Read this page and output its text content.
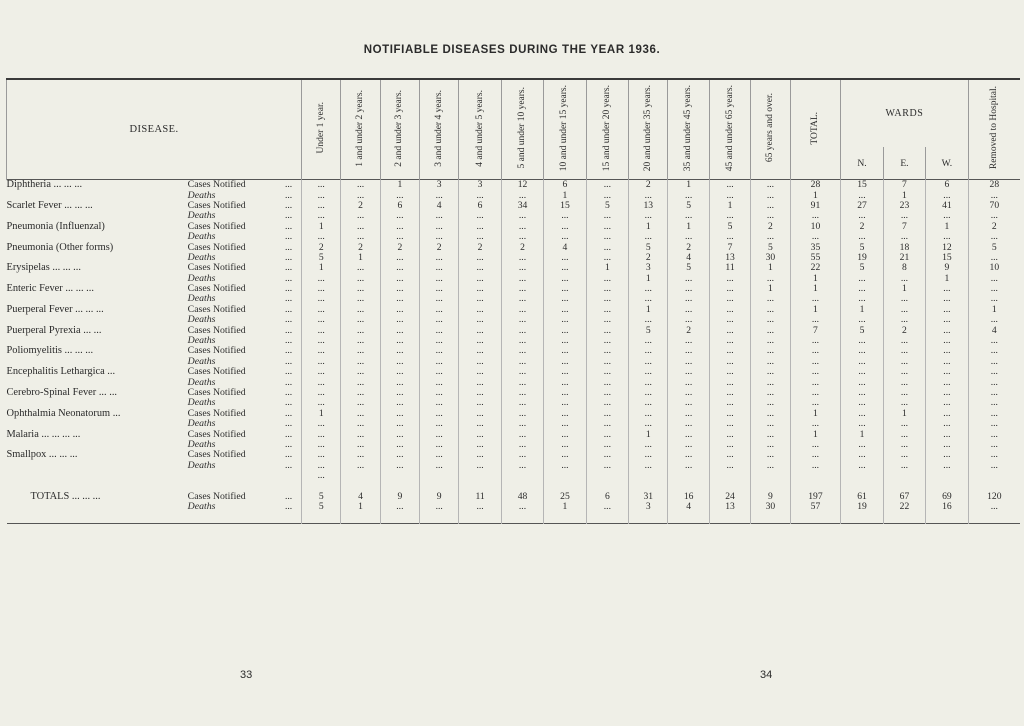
NOTIFIABLE DISEASES DURING THE YEAR 1936.
DISEASE.			Under 1 year.	1 and under 2 years.	2 and under 3 years.	3 and under 4 years.	4 and under 5 years.	5 and under 10 years.	10 and under 15 years.	15 and under 20 years.	20 and under 35 years.	35 and under 45 years.	45 and under 65 years.	65 years and over.	TOTAL.	WARDS			Removed to Hospital.
																N.	E.	W.	
Diphtheria ... ... ...	Cases Notified	...	...	...	1	3	3	12	6	...	2	1	...	...	28	15	7	6	28
	Deaths	...	...	...	...	...	...	...	1	...	...	...	...	...	1	...	1	...	...
Scarlet Fever ... ... ...	Cases Notified	...	...	2	6	4	6	34	15	5	13	5	1	...	91	27	23	41	70
	Deaths	...	...	...	...	...	...	...	...	...	...	...	...	...	...	...	...	...	...
Pneumonia (Influenzal)	Cases Notified	...	1	...	...	...	...	...	...	...	1	1	5	2	10	2	7	1	2
	Deaths	...	...	...	...	...	...	...	...	...	...	...	...	...	...	...	...	...	...
Pneumonia (Other forms)	Cases Notified	...	2	2	2	2	2	2	4	...	5	2	7	5	35	5	18	12	5
	Deaths	...	5	1	...	...	...	...	...	...	2	4	13	30	55	19	21	15	...
Erysipelas ... ... ...	Cases Notified	...	1	...	...	...	...	...	...	1	3	5	11	1	22	5	8	9	10
	Deaths	...	...	...	...	...	...	...	...	...	1	...	...	...	1	...	...	1	...
Enteric Fever ... ... ...	Cases Notified	...	...	...	...	...	...	...	...	...	...	...	...	1	1	...	1	...	...
	Deaths	...	...	...	...	...	...	...	...	...	...	...	...	...	...	...	...	...	...
Puerperal Fever ... ... ...	Cases Notified	...	...	...	...	...	...	...	...	...	1	...	...	...	1	1	...	...	1
	Deaths	...	...	...	...	...	...	...	...	...	...	...	...	...	...	...	...	...	...
Puerperal Pyrexia ... ...	Cases Notified	...	...	...	...	...	...	...	...	...	5	2	...	...	7	5	2	...	4
	Deaths	...	...	...	...	...	...	...	...	...	...	...	...	...	...	...	...	...	...
Poliomyelitis ... ... ...	Cases Notified	...	...	...	...	...	...	...	...	...	...	...	...	...	...	...	...	...	...
	Deaths	...	...	...	...	...	...	...	...	...	...	...	...	...	...	...	...	...	...
Encephalitis Lethargica ...	Cases Notified	...	...	...	...	...	...	...	...	...	...	...	...	...	...	...	...	...	...
	Deaths	...	...	...	...	...	...	...	...	...	...	...	...	...	...	...	...	...	...
Cerebro-Spinal Fever ... ...	Cases Notified	...	...	...	...	...	...	...	...	...	...	...	...	...	...	...	...	...	...
	Deaths	...	...	...	...	...	...	...	...	...	...	...	...	...	...	...	...	...	...
Ophthalmia Neonatorum ...	Cases Notified	...	1	...	...	...	...	...	...	...	...	...	...	...	1	...	1	...	...
	Deaths	...	...	...	...	...	...	...	...	...	...	...	...	...	...	...	...	...	...
Malaria ... ... ... ...	Cases Notified	...	...	...	...	...	...	...	...	...	1	...	...	...	1	1	...	...	...
	Deaths	...	...	...	...	...	...	...	...	...	...	...	...	...	...	...	...	...	...
Smallpox ... ... ...	Cases Notified	...	...	...	...	...	...	...	...	...	...	...	...	...	...	...	...	...	...
	Deaths	...	...	...	...	...	...	...	...	...	...	...	...	...	...	...	...	...	...
			...																

TOTALS ... ... ...	Cases Notified	...	5	4	9	9	11	48	25	6	31	16	24	9	197	61	67	69	120
	Deaths	...	5	1	...	...	...	...	1	...	3	4	13	30	57	19	22	16	...

33	34
